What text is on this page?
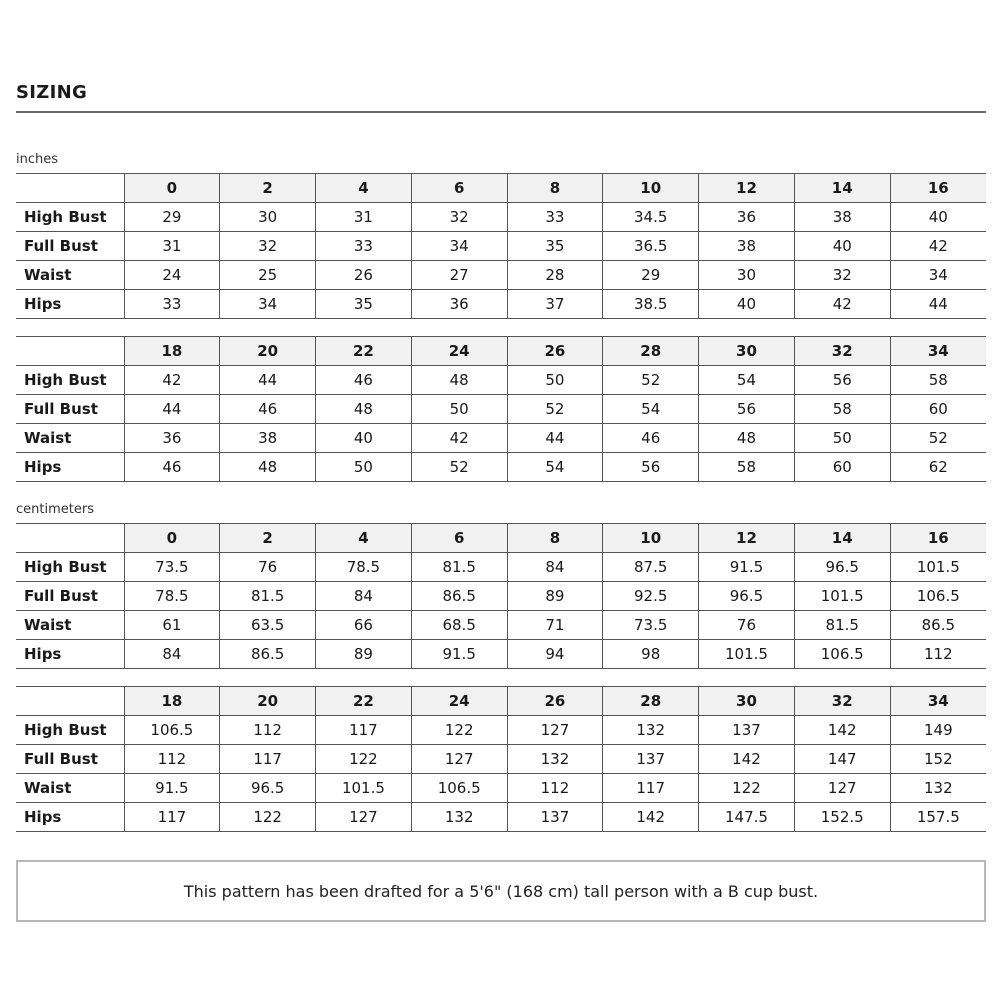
SIZING
inches
	0	2	4	6	8	10	12	14	16
High Bust	29	30	31	32	33	34.5	36	38	40
Full Bust	31	32	33	34	35	36.5	38	40	42
Waist	24	25	26	27	28	29	30	32	34
Hips	33	34	35	36	37	38.5	40	42	44
	18	20	22	24	26	28	30	32	34
High Bust	42	44	46	48	50	52	54	56	58
Full Bust	44	46	48	50	52	54	56	58	60
Waist	36	38	40	42	44	46	48	50	52
Hips	46	48	50	52	54	56	58	60	62
centimeters
	0	2	4	6	8	10	12	14	16
High Bust	73.5	76	78.5	81.5	84	87.5	91.5	96.5	101.5
Full Bust	78.5	81.5	84	86.5	89	92.5	96.5	101.5	106.5
Waist	61	63.5	66	68.5	71	73.5	76	81.5	86.5
Hips	84	86.5	89	91.5	94	98	101.5	106.5	112
	18	20	22	24	26	28	30	32	34
High Bust	106.5	112	117	122	127	132	137	142	149
Full Bust	112	117	122	127	132	137	142	147	152
Waist	91.5	96.5	101.5	106.5	112	117	122	127	132
Hips	117	122	127	132	137	142	147.5	152.5	157.5
This pattern has been drafted for a 5'6" (168 cm) tall person with a B cup bust.
